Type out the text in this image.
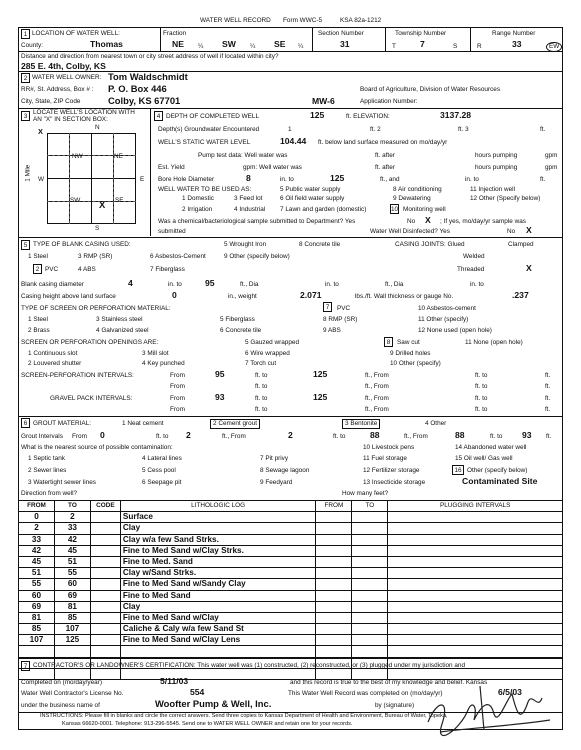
WATER WELL RECORD Form WWC-5	KSA 82a-1212
1 LOCATION OF WATER WELL:
County:	Thomas
Fraction
NE ¼ SW ¼ SE ¼
Section Number
31
Township Number
T	7	S
Range Number
R	33	EW
Distance and direction from nearest town or city street address of well if located within city?
285 E. 4th, Colby, KS
2 WATER WELL OWNER: Tom Waldschmidt
RR#, St. Address, Box # : P. O. Box 446	Board of Agriculture, Division of Water Resources
City, State, ZIP Code	Colby, KS 67701	MW-6	Application Number:
3
LOCATE WELL'S LOCATION WITH
AN "X" IN SECTION BOX:
X	N
S
W	E
1 Mile
NW	NE
SW	SE
X
4 DEPTH OF COMPLETED WELL	125	ft. ELEVATION:	3137.28
Depth(s) Groundwater Encountered	1	ft. 2	ft. 3	ft.
WELL'S STATIC WATER LEVEL	104.44 ft. below land surface measured on mo/day/yr
Pump test data: Well water was	ft. after	hours pumping	gpm
Est. Yield	gpm: Well water was	ft. after	hours pumping	gpm
Bore Hole Diameter	8	in. to	125	ft., and	in. to	ft.
WELL WATER TO BE USED AS:	5 Public water supply	8 Air conditioning	11 Injection well
1 Domestic	3 Feed lot	6 Oil field water supply	9 Dewatering	12 Other (Specify below)
2 Irrigation	4 Industrial 7 Lawn and garden (domestic)	10 Monitoring well
Was a chemical/bacteriological sample submitted to Department? Yes	No X ; If yes, mo/day/yr sample was
submitted	Water Well Disinfected? Yes	No X
5 TYPE OF BLANK CASING USED:	5 Wrought Iron	8 Concrete tile	CASING JOINTS: Glued	Clamped
1 Steel	3 RMP (SR)	6 Asbestos-Cement	9 Other (specify below)	Welded
2 PVC	4 ABS	7 Fiberglass	Threaded	X
Blank casing diameter	4	in. to	95	ft., Dia	in. to	ft., Dia	in. to
Casing height above land surface	0	in., weight	2.071	lbs./ft. Wall thickness or gauge No.	.237
TYPE OF SCREEN OR PERFORATION MATERIAL:	7	PVC	10 Asbestos-cement
1 Steel	3 Stainless steel	5 Fiberglass	8 RMP (SR)	11 Other (specify)
2 Brass	4 Galvanized steel	6 Concrete tile	9 ABS	12 None used (open hole)
SCREEN OR PERFORATION OPENINGS ARE:	5 Gauzed wrapped	8	Saw cut	11 None (open hole)
1 Continuous slot	3 Mill slot	6 Wire wrapped	9 Drilled holes
2 Louvered shutter	4 Key punched	7 Torch cut	10 Other (specify)
SCREEN-PERFORATION INTERVALS:	From	95	ft. to	125	ft., From	ft. to	ft.
From	ft. to	ft., From	ft. to	ft.
GRAVEL PACK INTERVALS:	From	93	ft. to	125	ft., From	ft. to	ft.
From	ft. to	ft., From	ft. to	ft.
6 GROUT MATERIAL:	1 Neat cement	2 Cement grout	3 Bentonite	4 Other
Grout Intervals From 0	ft. to 2	ft., From	2	ft. to	88	ft., From	88	ft. to 93 ft.
What is the nearest source of possible contamination:	10 Livestock pens	14 Abandoned water well
1 Septic tank	4 Lateral lines	7 Pit privy	11 Fuel storage	15 Oil well/ Gas well
2 Sewer lines	5 Cess pool	8 Sewage lagoon	12 Fertilizer storage	16 Other (specify below)
3 Watertight sewer lines	6 Seepage pit	9 Feedyard	13 Insecticide storage	Contaminated Site
Direction from well?	How many feet?
FROM	TO	CODE	LITHOLOGIC LOG	FROM	TO	PLUGGING INTERVALS
0	2		Surface			
2	33		Clay			
33	42		Clay w/a few Sand Strks.			
42	45		Fine to Med Sand w/Clay Strks.			
45	51		Fine to Med. Sand			
51	55		Clay w/Sand Strks.			
55	60		Fine to Med Sand w/Sandy Clay			
60	69		Fine to Med Sand			
69	81		Clay			
81	85		Fine to Med Sand w/Clay			
85	107		Caliche & Caly w/a few Sand St			
107	125		Fine to Med Sand w/Clay Lens			

7 CONTRACTOR'S OR LANDOWNER'S CERTIFICATION: This water well was (1) constructed, (2) reconstructed, or (3) plugged under my jurisdiction and
Completed on (mo/day/year)	5/11/03	and this record is true to the best of my knowledge and belief. Kansas
Water Well Contractor's License No.	554	This Water Well Record was completed on (mo/day/yr)	6/5/03
under the business name of	Woofter Pump & Well, Inc.	by (signature)
INSTRUCTIONS: Please fill in blanks and circle the correct answers. Send three copies to Kansas Department of Health and Environment, Bureau of Water, Topeka,
Kansas 66620-0001. Telephone: 913-296-5545. Send one to WATER WELL OWNER and retain one for your records.
